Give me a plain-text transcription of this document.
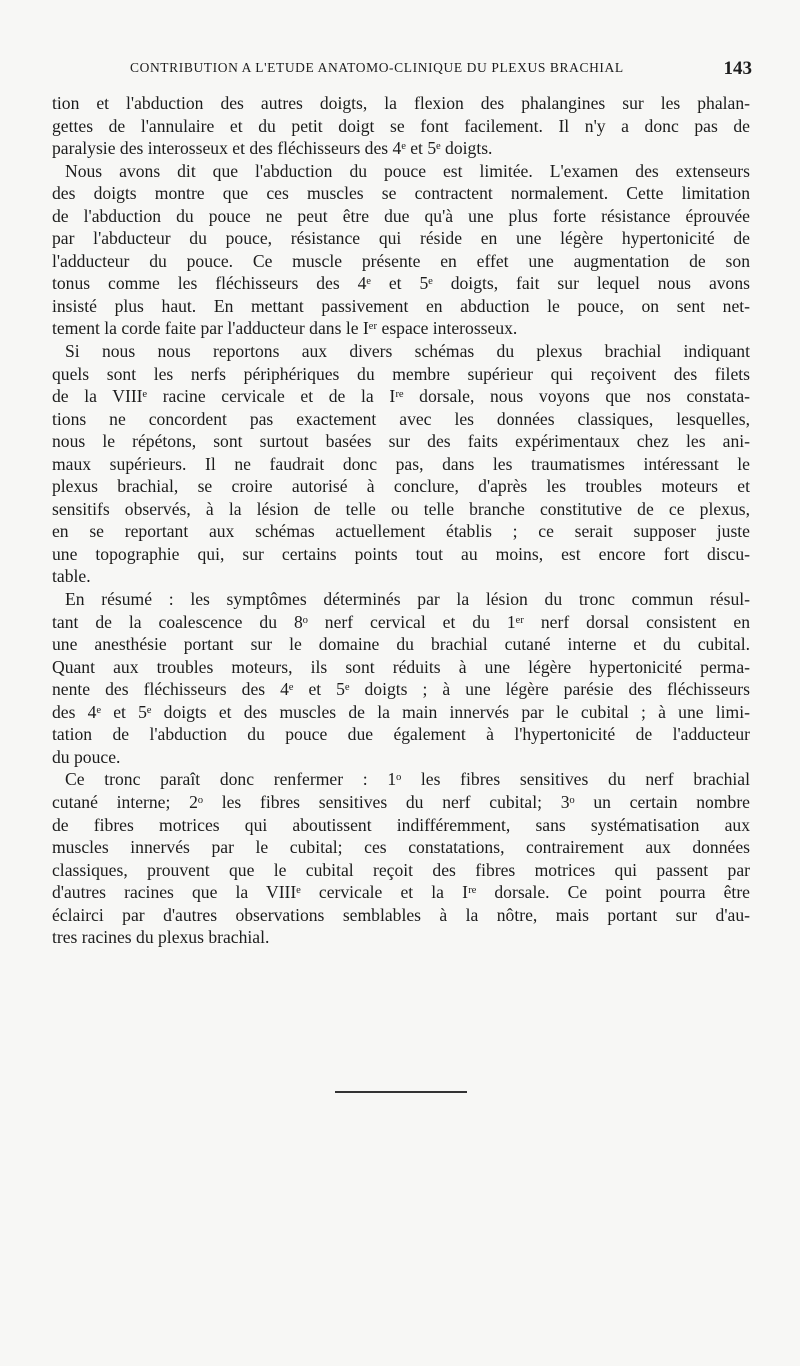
CONTRIBUTION A L'ETUDE ANATOMO-CLINIQUE DU PLEXUS BRACHIAL	143
tion et l'abduction des autres doigts, la flexion des phalangines sur les phalan-
gettes de l'annulaire et du petit doigt se font facilement. Il n'y a donc pas de
paralysie des interosseux et des fléchisseurs des 4ᵉ et 5ᵉ doigts.
Nous avons dit que l'abduction du pouce est limitée. L'examen des extenseurs
des doigts montre que ces muscles se contractent normalement. Cette limitation
de l'abduction du pouce ne peut être due qu'à une plus forte résistance éprouvée
par l'abducteur du pouce, résistance qui réside en une légère hypertonicité de
l'adducteur du pouce. Ce muscle présente en effet une augmentation de son
tonus comme les fléchisseurs des 4ᵉ et 5ᵉ doigts, fait sur lequel nous avons
insisté plus haut. En mettant passivement en abduction le pouce, on sent net-
tement la corde faite par l'adducteur dans le Iᵉʳ espace interosseux.
Si nous nous reportons aux divers schémas du plexus brachial indiquant
quels sont les nerfs périphériques du membre supérieur qui reçoivent des filets
de la VIIIᵉ racine cervicale et de la Iʳᵉ dorsale, nous voyons que nos constata-
tions ne concordent pas exactement avec les données classiques, lesquelles,
nous le répétons, sont surtout basées sur des faits expérimentaux chez les ani-
maux supérieurs. Il ne faudrait donc pas, dans les traumatismes intéressant le
plexus brachial, se croire autorisé à conclure, d'après les troubles moteurs et
sensitifs observés, à la lésion de telle ou telle branche constitutive de ce plexus,
en se reportant aux schémas actuellement établis ; ce serait supposer juste
une topographie qui, sur certains points tout au moins, est encore fort discu-
table.
En résumé : les symptômes déterminés par la lésion du tronc commun résul-
tant de la coalescence du 8ᵒ nerf cervical et du 1ᵉʳ nerf dorsal consistent en
une anesthésie portant sur le domaine du brachial cutané interne et du cubital.
Quant aux troubles moteurs, ils sont réduits à une légère hypertonicité perma-
nente des fléchisseurs des 4ᵉ et 5ᵉ doigts ; à une légère parésie des fléchisseurs
des 4ᵉ et 5ᵉ doigts et des muscles de la main innervés par le cubital ; à une limi-
tation de l'abduction du pouce due également à l'hypertonicité de l'adducteur
du pouce.
Ce tronc paraît donc renfermer : 1ᵒ les fibres sensitives du nerf brachial
cutané interne; 2ᵒ les fibres sensitives du nerf cubital; 3ᵒ un certain nombre
de fibres motrices qui aboutissent indifféremment, sans systématisation aux
muscles innervés par le cubital; ces constatations, contrairement aux données
classiques, prouvent que le cubital reçoit des fibres motrices qui passent par
d'autres racines que la VIIIᵉ cervicale et la Iʳᵉ dorsale. Ce point pourra être
éclairci par d'autres observations semblables à la nôtre, mais portant sur d'au-
tres racines du plexus brachial.
